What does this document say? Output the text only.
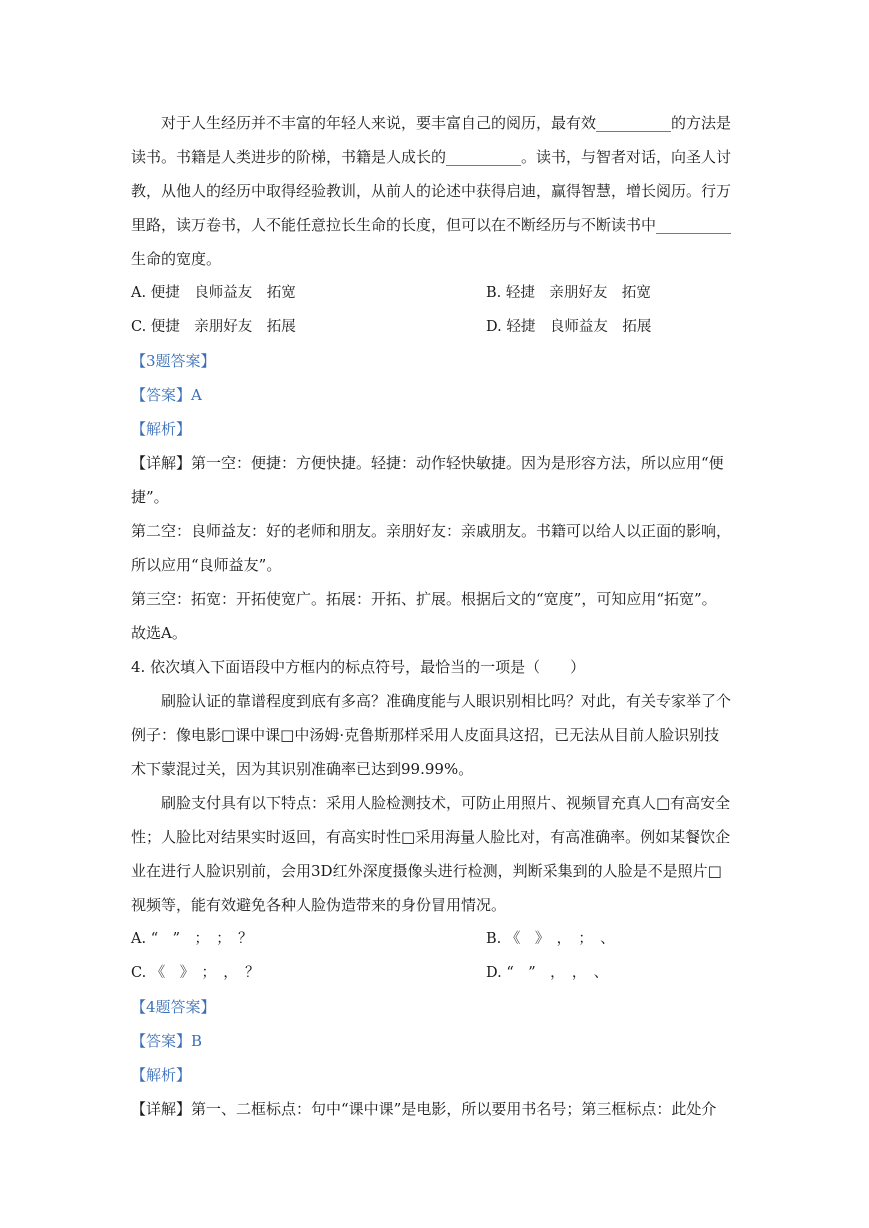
对于人生经历并不丰富的年轻人来说，要丰富自己的阅历，最有效__________的方法是
读书。书籍是人类进步的阶梯，书籍是人成长的__________。读书，与智者对话，向圣人讨
教，从他人的经历中取得经验教训，从前人的论述中获得启迪，赢得智慧，增长阅历。行万
里路，读万卷书，人不能任意拉长生命的长度，但可以在不断经历与不断读书中__________
生命的宽度。
A. 便捷　良师益友　拓宽	B. 轻捷　亲朋好友　拓宽
C. 便捷　亲朋好友　拓展	D. 轻捷　良师益友　拓展
【3题答案】
【答案】A
【解析】
【详解】第一空：便捷：方便快捷。轻捷：动作轻快敏捷。因为是形容方法，所以应用“便
捷”。
第二空：良师益友：好的老师和朋友。亲朋好友：亲戚朋友。书籍可以给人以正面的影响，
所以应用“良师益友”。
第三空：拓宽：开拓使宽广。拓展：开拓、扩展。根据后文的“宽度”，可知应用“拓宽”。
故选A。
4. 依次填入下面语段中方框内的标点符号，最恰当的一项是（　　）
刷脸认证的靠谱程度到底有多高？准确度能与人眼识别相比吗？对此，有关专家举了个
例子：像电影□课中课□中汤姆·克鲁斯那样采用人皮面具这招，已无法从目前人脸识别技
术下蒙混过关，因为其识别准确率已达到99.99%。
刷脸支付具有以下特点：采用人脸检测技术，可防止用照片、视频冒充真人□有高安全
性；人脸比对结果实时返回，有高实时性□采用海量人脸比对，有高准确率。例如某餐饮企
业在进行人脸识别前，会用3D红外深度摄像头进行检测，判断采集到的人脸是不是照片□
视频等，能有效避免各种人脸伪造带来的身份冒用情况。
A. “　”　；　；　？	B. 《　》　，　；　、
C. 《　》　；　，　？	D. “　”　，　，　、
【4题答案】
【答案】B
【解析】
【详解】第一、二框标点：句中“课中课”是电影，所以要用书名号；第三框标点：此处介
